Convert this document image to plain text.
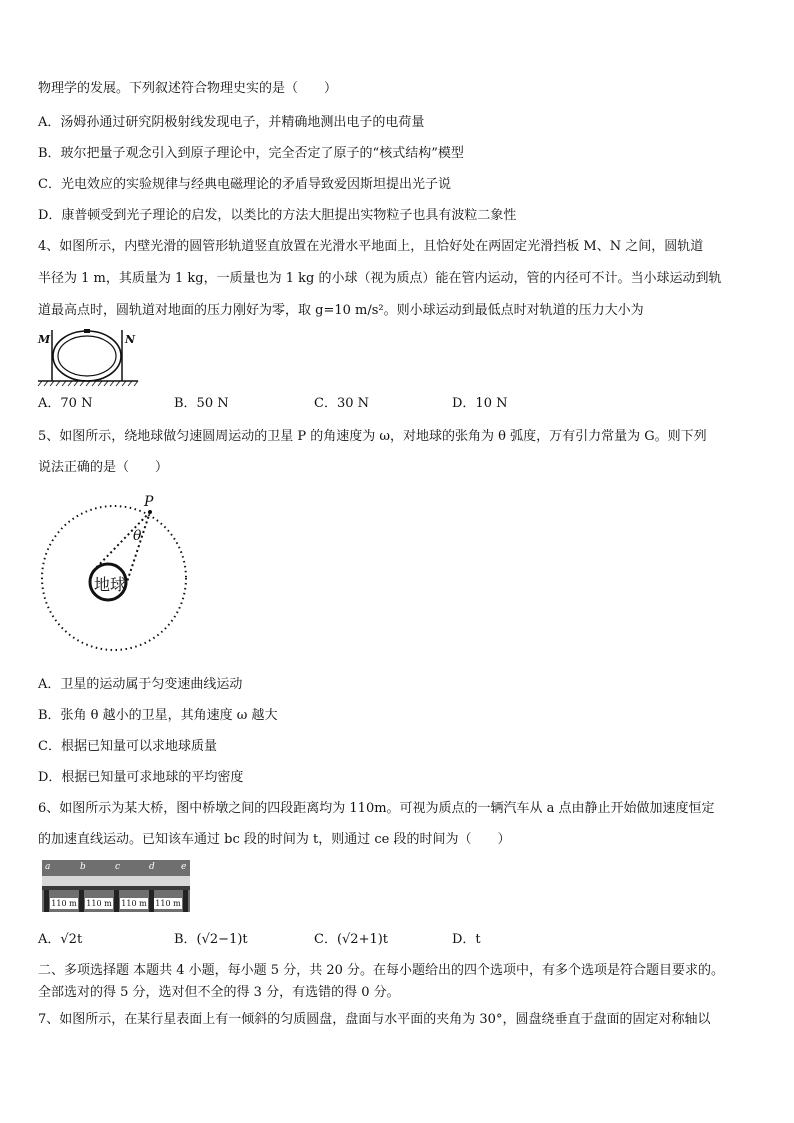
物理学的发展。下列叙述符合物理史实的是（　　）
A．汤姆孙通过研究阴极射线发现电子，并精确地测出电子的电荷量
B．玻尔把量子观念引入到原子理论中，完全否定了原子的“核式结构”模型
C．光电效应的实验规律与经典电磁理论的矛盾导致爱因斯坦提出光子说
D．康普顿受到光子理论的启发，以类比的方法大胆提出实物粒子也具有波粒二象性
4、如图所示，内壁光滑的圆管形轨道竖直放置在光滑水平地面上，且恰好处在两固定光滑挡板 M、N 之间，圆轨道
半径为 1 m，其质量为 1 kg，一质量也为 1 kg 的小球（视为质点）能在管内运动，管的内径可不计。当小球运动到轨
道最高点时，圆轨道对地面的压力刚好为零，取 g=10 m/s²。则小球运动到最低点时对轨道的压力大小为
M	N
A．70 N	B．50 N	C．30 N	D．10 N
5、如图所示，绕地球做匀速圆周运动的卫星 P 的角速度为 ω，对地球的张角为 θ 弧度，万有引力常量为 G。则下列
说法正确的是（　　）
P
θ
地球
A．卫星的运动属于匀变速曲线运动
B．张角 θ 越小的卫星，其角速度 ω 越大
C．根据已知量可以求地球质量
D．根据已知量可求地球的平均密度
6、如图所示为某大桥，图中桥墩之间的四段距离均为 110m。可视为质点的一辆汽车从 a 点由静止开始做加速度恒定
的加速直线运动。已知该车通过 bc 段的时间为 t，则通过 ce 段的时间为（　　）
a	b	c	d	e
110 m 110 m 110 m 110 m
A．√2t	B．(√2−1)t	C．(√2+1)t	D．t
二、多项选择题 本题共 4 小题，每小题 5 分，共 20 分。在每小题给出的四个选项中，有多个选项是符合题目要求的。
全部选对的得 5 分，选对但不全的得 3 分，有选错的得 0 分。
7、如图所示，在某行星表面上有一倾斜的匀质圆盘，盘面与水平面的夹角为 30°，圆盘绕垂直于盘面的固定对称轴以
